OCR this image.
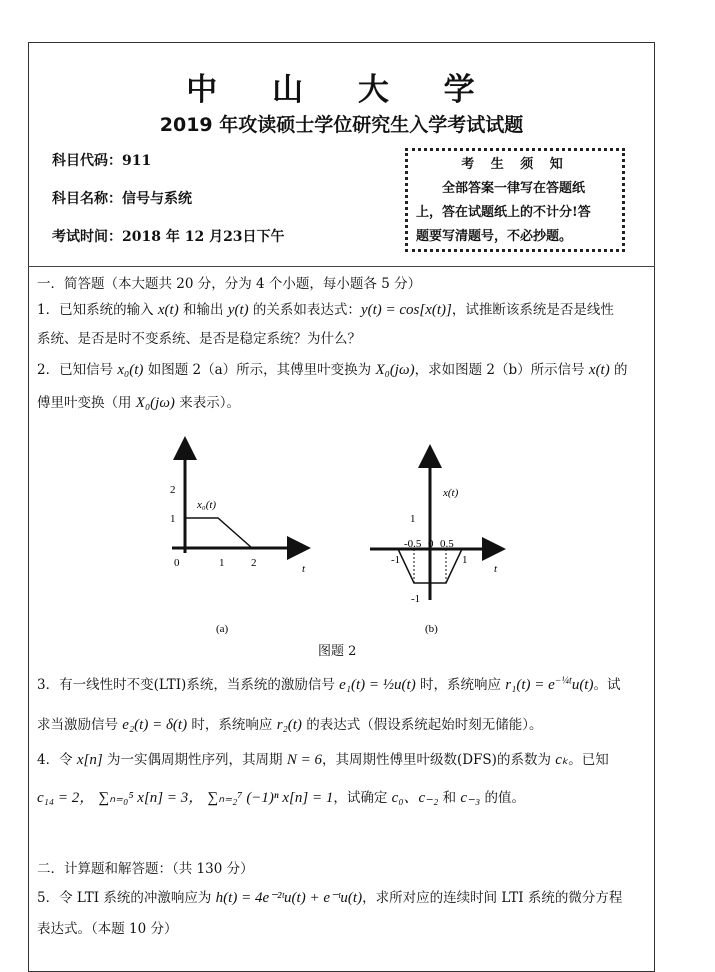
中 山 大 学
2019 年攻读硕士学位研究生入学考试试题
科目代码：911
科目名称：信号与系统
考试时间：2018 年 12 月23日下午
考 生 须 知
全部答案一律写在答题纸
上，答在试题纸上的不计分!答
题要写清题号，不必抄题。
一．简答题（本大题共 20 分，分为 4 个小题，每小题各 5 分）
1．已知系统的输入 x(t) 和输出 y(t) 的关系如表达式：y(t) = cos[x(t)]，试推断该系统是否是线性
系统、是否是时不变系统、是否是稳定系统？为什么？
2．已知信号 x₀(t) 如图题 2（a）所示，其傅里叶变换为 X₀(jω)，求如图题 2（b）所示信号 x(t) 的
傅里叶变换（用 X₀(jω) 来表示）。
2
1
x₀(t)
0	1 2	t
(a)
x(t)
1
-1
-0.5 0 0.5
-1	1
t
(b)
图题 2
3．有一线性时不变(LTI)系统，当系统的激励信号 e₁(t) = ½u(t) 时，系统响应 $r_1(t) = e^{-\frac{1}{4}t}u(t)$。试
求当激励信号 e₂(t) = δ(t) 时，系统响应 r₂(t) 的表达式（假设系统起始时刻无储能）。
4．令 x[n] 为一实偶周期性序列，其周期 N = 6，其周期性傅里叶级数(DFS)的系数为 cₖ。已知
c₁₄ = 2， ∑ₙ₌₀⁵ x[n] = 3， ∑ₙ₌₂⁷ (−1)ⁿ x[n] = 1，试确定 c₀、c₋₂ 和 c₋₃ 的值。
二．计算题和解答题：（共 130 分）
5．令 LTI 系统的冲激响应为 h(t) = 4e⁻²ᵗu(t) + e⁻ᵗu(t)，求所对应的连续时间 LTI 系统的微分方程
表达式。（本题 10 分）
